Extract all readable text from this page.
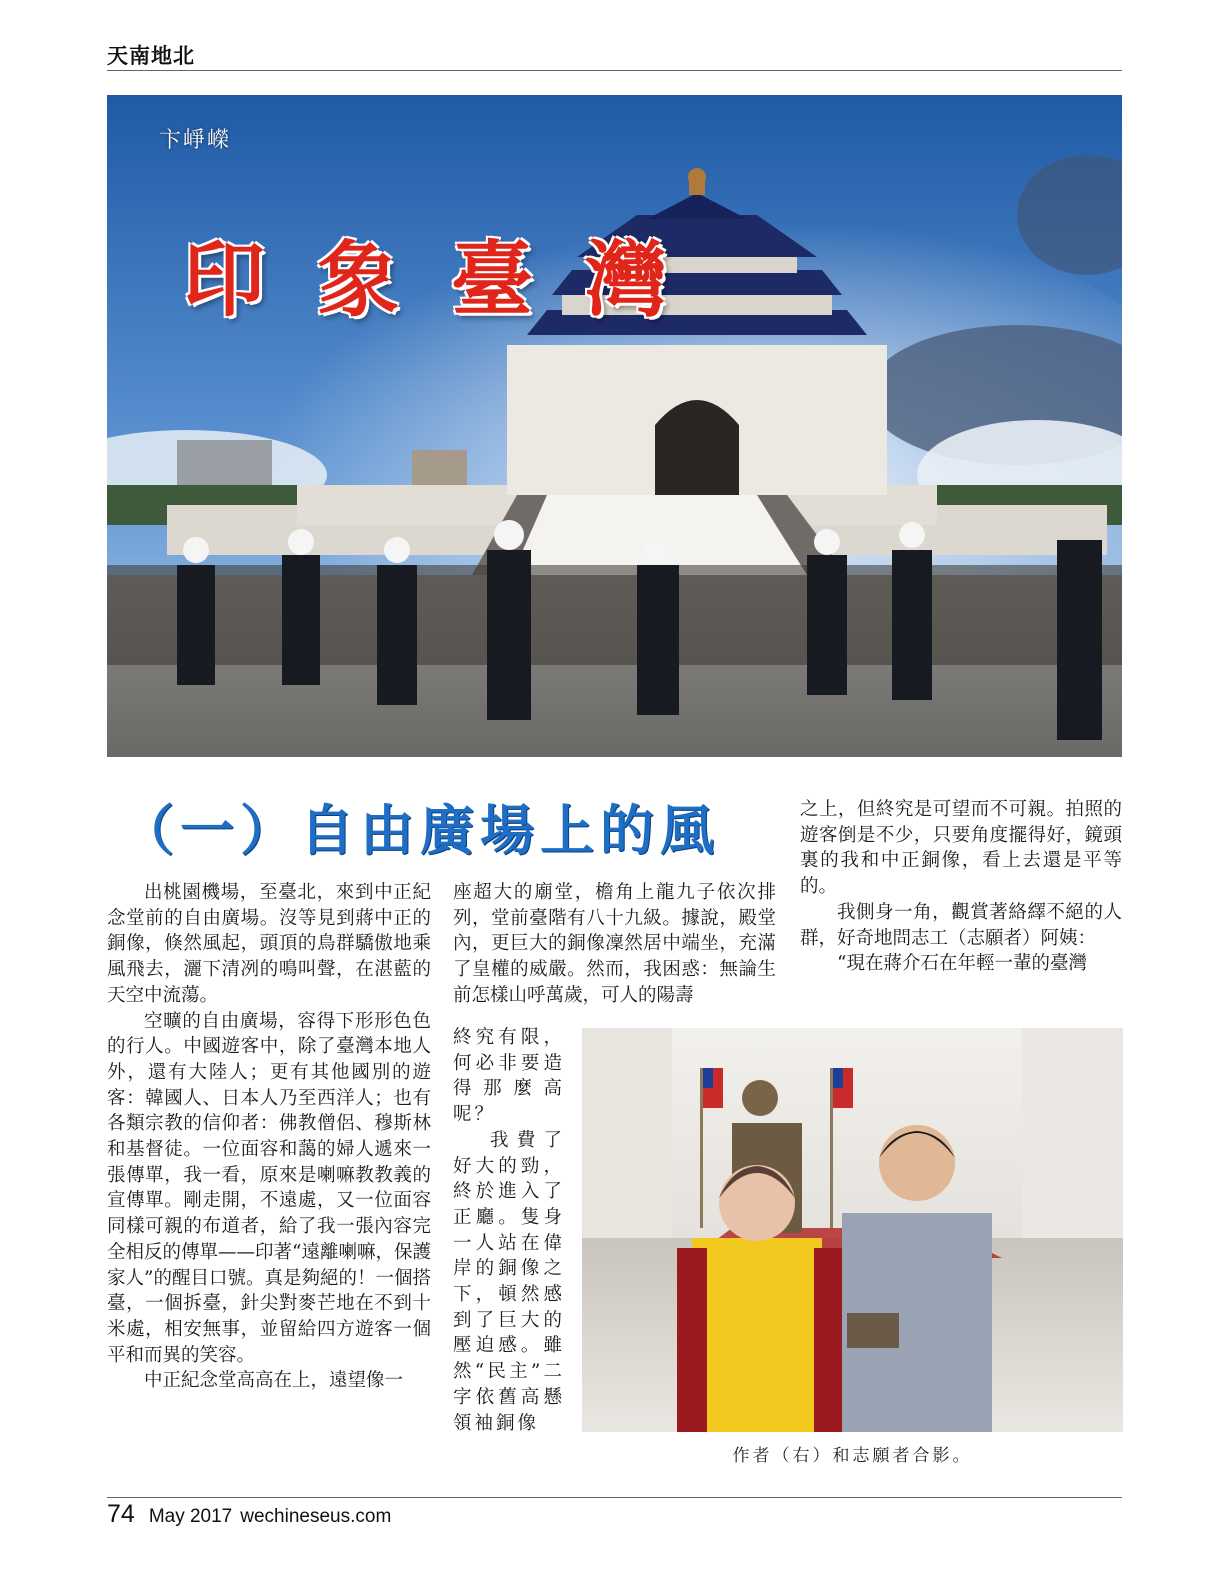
天南地北
卞崢嶸
印象臺灣
（一）自由廣場上的風

出桃園機場，至臺北，來到中正紀念堂前的自由廣場。沒等見到蔣中正的銅像，倏然風起，頭頂的鳥群驕傲地乘風飛去，灑下清冽的鳴叫聲，在湛藍的天空中流蕩。

空曠的自由廣場，容得下形形色色的行人。中國遊客中，除了臺灣本地人外，還有大陸人；更有其他國別的遊客：韓國人、日本人乃至西洋人；也有各類宗教的信仰者：佛教僧侶、穆斯林和基督徒。一位面容和藹的婦人遞來一張傳單，我一看，原來是喇嘛教教義的宣傳單。剛走開，不遠處，又一位面容同樣可親的布道者，給了我一張內容完全相反的傳單——印著“遠離喇嘛，保護家人”的醒目口號。真是夠絕的！一個搭臺，一個拆臺，針尖對麥芒地在不到十米處，相安無事，並留給四方遊客一個平和而異的笑容。

中正紀念堂高高在上，遠望像一

座超大的廟堂，檐角上龍九子依次排列，堂前臺階有八十九級。據說，殿堂內，更巨大的銅像凜然居中端坐，充滿了皇權的威嚴。然而，我困惑：無論生前怎樣山呼萬歲，可人的陽壽

終究有限，何必非要造得那麼高呢？

我費了好大的勁，終於進入了正廳。隻身一人站在偉岸的銅像之下，頓然感到了巨大的壓迫感。雖然“民主”二字依舊高懸領袖銅像

之上，但終究是可望而不可親。拍照的遊客倒是不少，只要角度擺得好，鏡頭裏的我和中正銅像，看上去還是平等的。

我側身一角，觀賞著絡繹不絕的人群，好奇地問志工（志願者）阿姨：

“現在蔣介石在年輕一輩的臺灣

作者（右）和志願者合影。
74 May 2017 wechineseus.com
